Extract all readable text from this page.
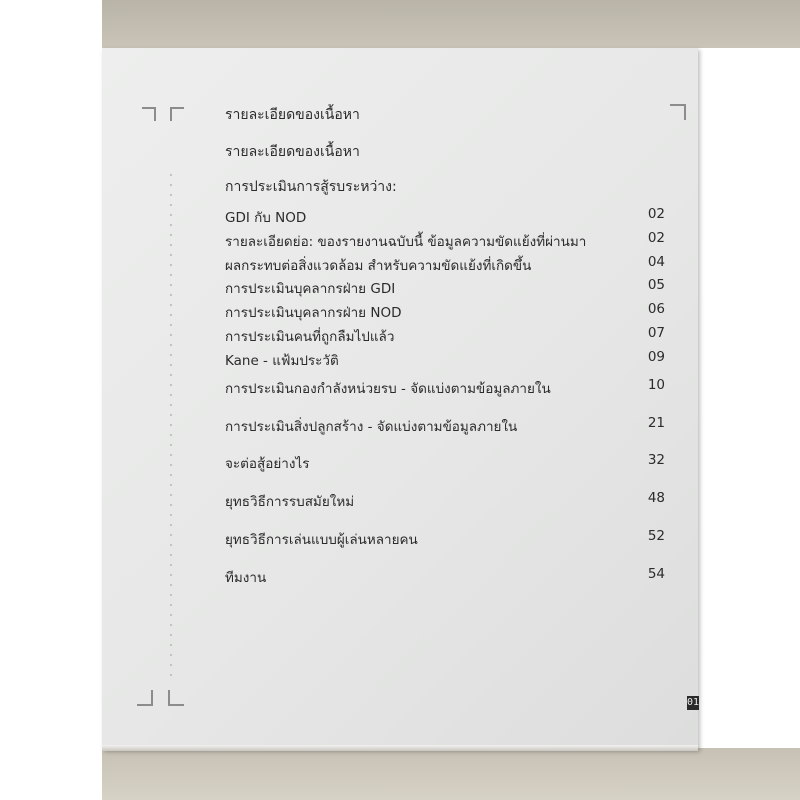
01
รายละเอียดของเนื้อหา
รายละเอียดของเนื้อหา
การประเมินการสู้รบระหว่าง:
GDI กับ NOD	02
รายละเอียดย่อ: ของรายงานฉบับนี้ ข้อมูลความขัดแย้งที่ผ่านมา	02
ผลกระทบต่อสิ่งแวดล้อม สำหรับความขัดแย้งที่เกิดขึ้น	04
การประเมินบุคลากรฝ่าย GDI	05
การประเมินบุคลากรฝ่าย NOD	06
การประเมินคนที่ถูกลืมไปแล้ว	07
Kane - แฟ้มประวัติ	09
การประเมินกองกำลังหน่วยรบ - จัดแบ่งตามข้อมูลภายใน	10
การประเมินสิ่งปลูกสร้าง - จัดแบ่งตามข้อมูลภายใน	21
จะต่อสู้อย่างไร	32
ยุทธวิธีการรบสมัยใหม่	48
ยุทธวิธีการเล่นแบบผู้เล่นหลายคน	52
ทีมงาน	54
